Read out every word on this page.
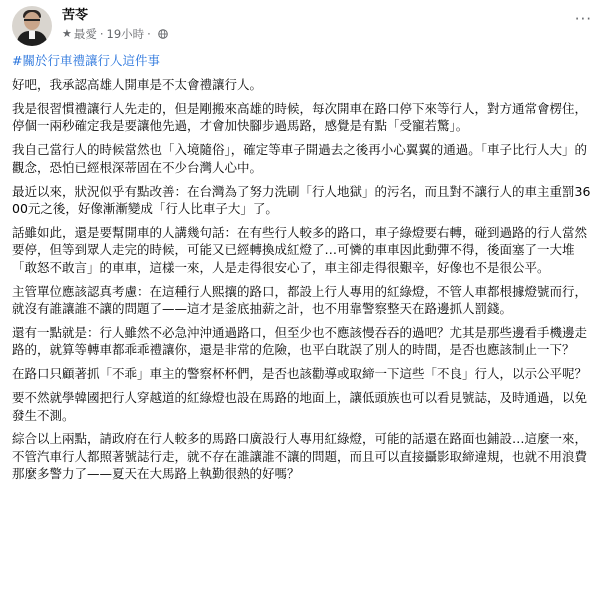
苦苓
★ 最愛 · 19小時 ·
···
#關於行車禮讓行人這件事

好吧，我承認高雄人開車是不太會禮讓行人。

我是很習慣禮讓行人先走的，但是剛搬來高雄的時候，每次開車在路口停下來等行人，對方通常會楞住，停個一兩秒確定我是要讓他先過，才會加快腳步過馬路，感覺是有點「受寵若驚」。

我自己當行人的時候當然也「入境隨俗」，確定等車子開過去之後再小心翼翼的通過。「車子比行人大」的觀念，恐怕已經根深蒂固在不少台灣人心中。

最近以來，狀況似乎有點改善：在台灣為了努力洗刷「行人地獄」的污名，而且對不讓行人的車主重罰3600元之後，好像漸漸變成「行人比車子大」了。

話雖如此，還是要幫開車的人講幾句話：在有些行人較多的路口，車子綠燈要右轉，碰到過路的行人當然要停，但等到眾人走完的時候，可能又已經轉換成紅燈了…可憐的車車因此動彈不得，後面塞了一大堆「敢怒不敢言」的車車，這樣一來，人是走得很安心了，車主卻走得很艱辛，好像也不是很公平。

主管單位應該認真考慮：在這種行人熙攘的路口，都設上行人專用的紅綠燈，不管人車都根據燈號而行，就沒有誰讓誰不讓的問題了——這才是釜底抽薪之計，也不用靠警察整天在路邊抓人罰錢。

還有一點就是：行人雖然不必急沖沖通過路口，但至少也不應該慢吞吞的過吧？尤其是那些邊看手機邊走路的，就算等轉車都乖乖禮讓你，還是非常的危險，也平白耽誤了別人的時間，是否也應該制止一下？

在路口只顧著抓「不乖」車主的警察杯杯們，是否也該勸導或取締一下這些「不良」行人，以示公平呢？

要不然就學韓國把行人穿越道的紅綠燈也設在馬路的地面上，讓低頭族也可以看見號誌，及時通過，以免發生不測。

綜合以上兩點，請政府在行人較多的馬路口廣設行人專用紅綠燈，可能的話還在路面也鋪設…這麼一來，不管汽車行人都照著號誌行走，就不存在誰讓誰不讓的問題，而且可以直接攝影取締違規，也就不用浪費那麼多警力了——夏天在大馬路上執勤很熱的好嗎？
